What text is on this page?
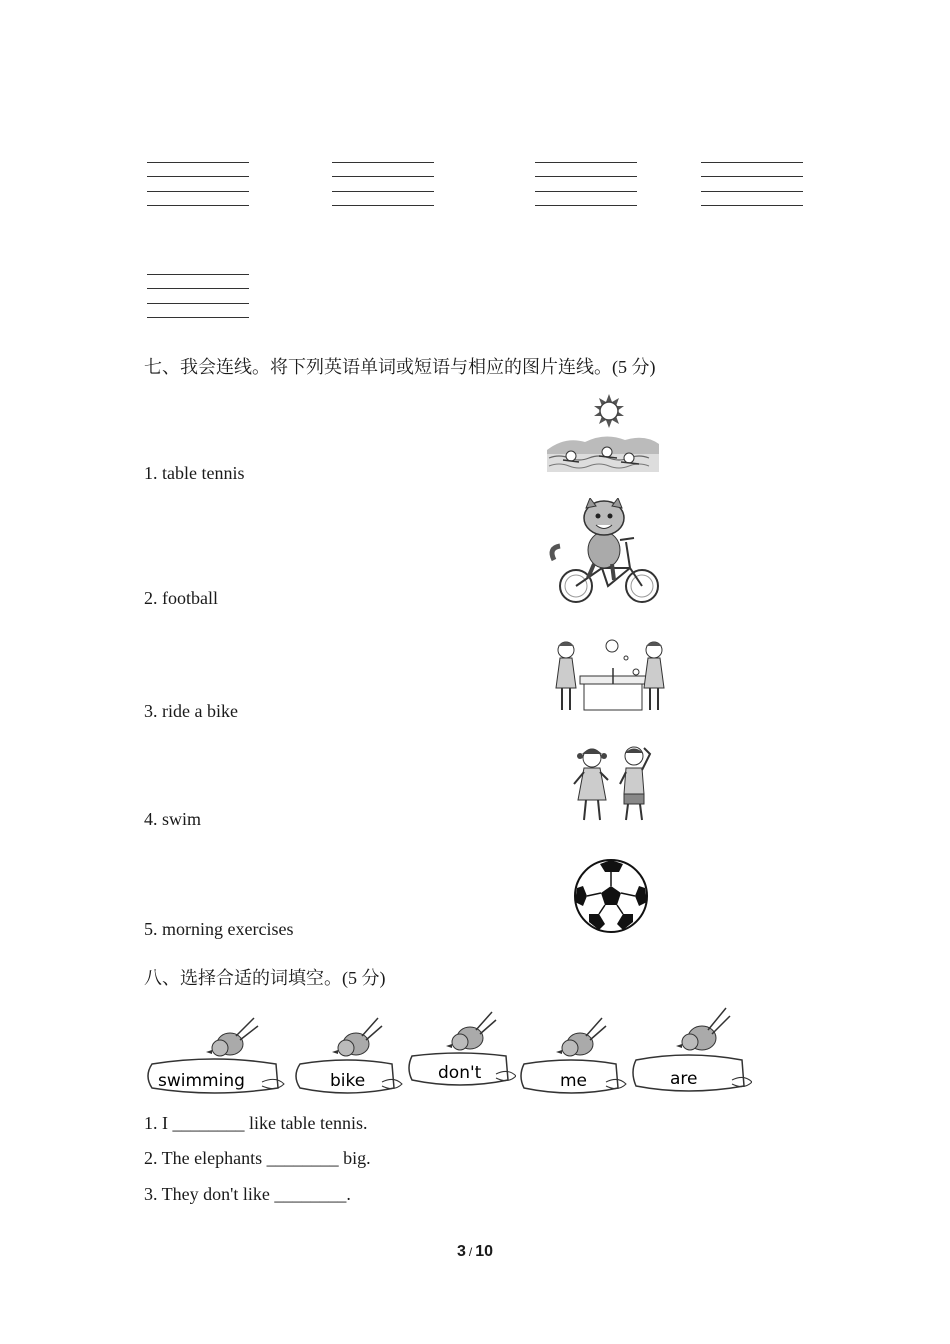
七、我会连线。将下列英语单词或短语与相应的图片连线。(5 分)
1. table tennis
2. football
3. ride a bike
4. swim
5. morning exercises
八、选择合适的词填空。(5 分)
swimming	bike	don't	me	are
1. I ________ like table tennis.
2. The elephants ________ big.
3. They don't like ________.
3 / 10
